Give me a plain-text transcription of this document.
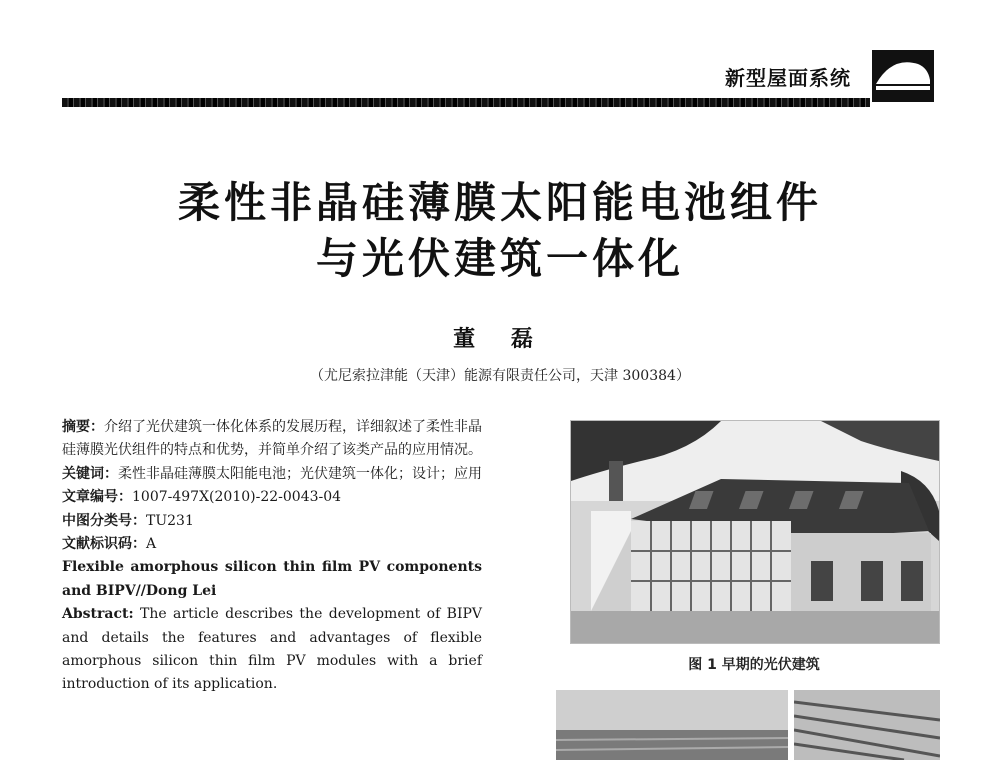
新型屋面系统
柔性非晶硅薄膜太阳能电池组件
与光伏建筑一体化
董 磊
（尤尼索拉津能（天津）能源有限责任公司，天津 300384）

摘要：介绍了光伏建筑一体化体系的发展历程，详细叙述了柔性非晶硅薄膜光伏组件的特点和优势，并简单介绍了该类产品的应用情况。

关键词：柔性非晶硅薄膜太阳能电池；光伏建筑一体化；设计；应用

文章编号：1007-497X(2010)-22-0043-04

中图分类号：TU231

文献标识码：A

Flexible amorphous silicon thin film PV components and BIPV//Dong Lei

Abstract: The article describes the development of BIPV and details the features and advantages of flexible amorphous silicon thin film PV modules with a brief introduction of its application.

图 1 早期的光伏建筑
